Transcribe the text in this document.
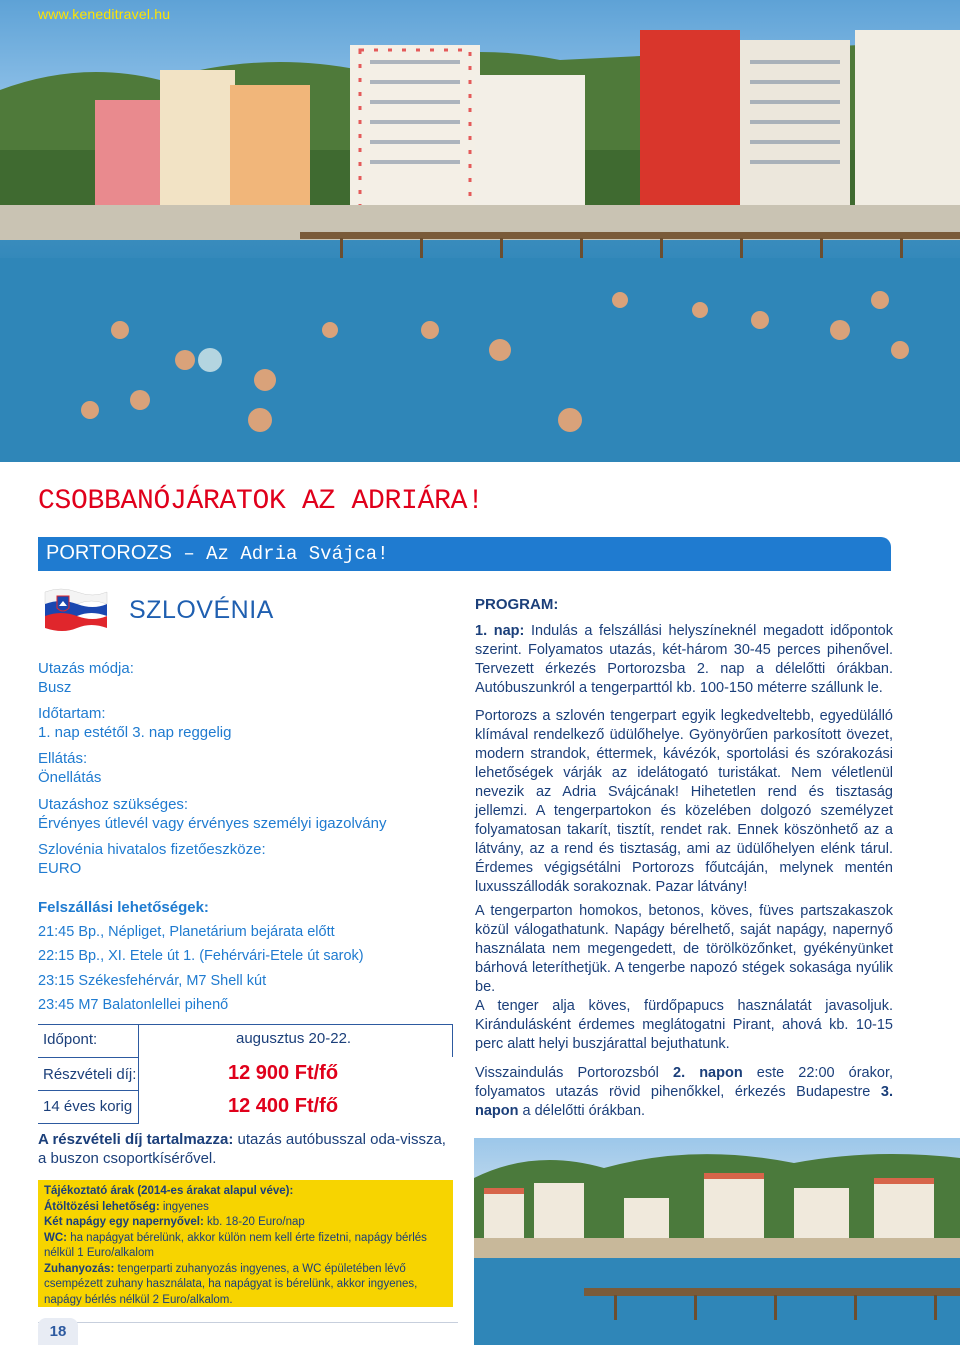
www.keneditravel.hu
CSOBBANÓJÁRATOK AZ ADRIÁRA!
PORTOROZS – Az Adria Svájca!
SZLOVÉNIA
Utazás módja:
Busz
Időtartam:
1. nap estétől 3. nap reggelig
Ellátás:
Önellátás
Utazáshoz szükséges:
Érvényes útlevél vagy érvényes személyi igazolvány
Szlovénia hivatalos fizetőeszköze:
EURO
Felszállási lehetőségek:
21:45 Bp., Népliget, Planetárium bejárata előtt
22:15 Bp., XI. Etele út 1. (Fehérvári-Etele út sarok)
23:15 Székesfehérvár, M7 Shell kút
23:45 M7 Balatonlellei pihenő
Időpont:	augusztus 20-22.
Részvételi díj:	12 900 Ft/fő
14 éves korig	12 400 Ft/fő
A részvételi díj tartalmazza: utazás autóbusszal oda-vissza, a buszon csoportkísérővel.
Tájékoztató árak (2014-es árakat alapul véve):
Átöltözési lehetőség: ingyenes
Két napágy egy napernyővel: kb. 18-20 Euro/nap
WC: ha napágyat bérelünk, akkor külön nem kell érte fizetni, napágy bérlés nélkül 1 Euro/alkalom
Zuhanyozás: tengerparti zuhanyozás ingyenes, a WC épületében lévő csempézett zuhany használata, ha napágyat is bérelünk, akkor ingyenes, napágy bérlés nélkül 2 Euro/alkalom.
18
PROGRAM:
1. nap: Indulás a felszállási helyszíneknél megadott időpontok szerint. Folyamatos utazás, két-három 30-45 perces pihenővel. Tervezett érkezés Portorozsba 2. nap a délelőtti órákban. Autóbuszunkról a tengerparttól kb. 100-150 méterre szállunk le.
Portorozs a szlovén tengerpart egyik legkedveltebb, egyedülálló klímával rendelkező üdülőhelye. Gyönyörűen parkosított övezet, modern strandok, éttermek, kávézók, sportolási és szórakozási lehetőségek várják az idelátogató turistákat. Nem véletlenül nevezik az Adria Svájcának! Hihetetlen rend és tisztaság jellemzi. A tengerpartokon és közelében dolgozó személyzet folyamatosan takarít, tisztít, rendet rak. Ennek köszönhető az a látvány, az a rend és tisztaság, ami az üdülőhelyen elénk tárul. Érdemes végigsétálni Portorozs főutcáján, melynek mentén luxusszállodák sorakoznak. Pazar látvány!
A tengerparton homokos, betonos, köves, füves partszakaszok közül válogathatunk. Napágy bérelhető, saját napágy, napernyő használata nem megengedett, de törölközőnket, gyékényünket bárhová leteríthetjük. A tengerbe napozó stégek sokasága nyúlik be.
A tenger alja köves, fürdőpapucs használatát javasoljuk. Kirándulásként érdemes meglátogatni Pirant, ahová kb. 10-15 perc alatt helyi buszjárattal bejuthatunk.
Visszaindulás Portorozsból 2. napon este 22:00 órakor, folyamatos utazás rövid pihenőkkel, érkezés Budapestre 3. napon a délelőtti órákban.
